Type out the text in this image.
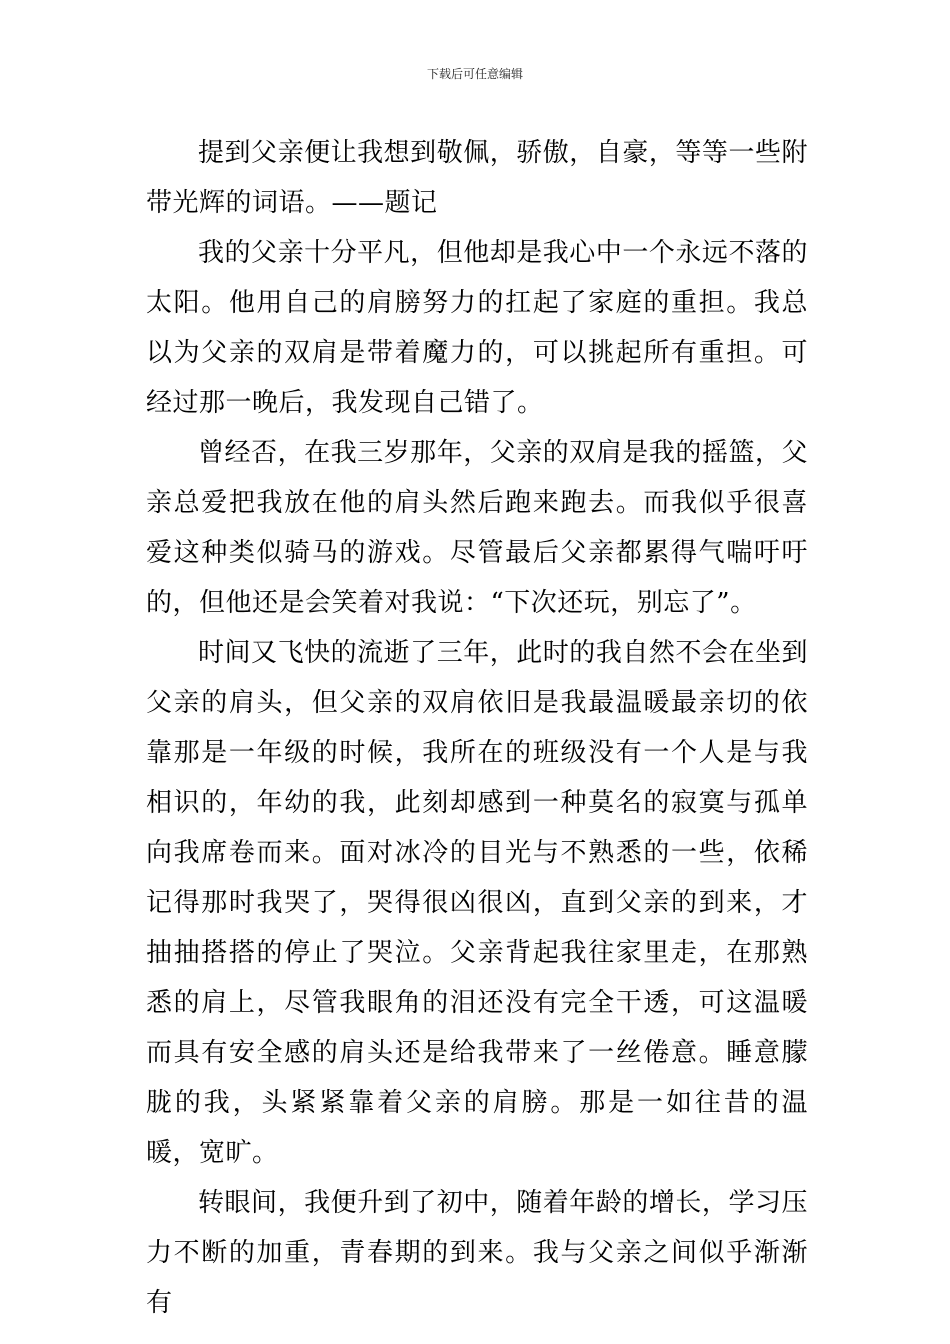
下载后可任意编辑

提到父亲便让我想到敬佩，骄傲，自豪，等等一些附带光辉的词语。——题记

我的父亲十分平凡，但他却是我心中一个永远不落的太阳。他用自己的肩膀努力的扛起了家庭的重担。我总以为父亲的双肩是带着魔力的，可以挑起所有重担。可经过那一晚后，我发现自己错了。

曾经否，在我三岁那年，父亲的双肩是我的摇篮，父亲总爱把我放在他的肩头然后跑来跑去。而我似乎很喜爱这种类似骑马的游戏。尽管最后父亲都累得气喘吁吁的，但他还是会笑着对我说：“下次还玩，别忘了”。

时间又飞快的流逝了三年，此时的我自然不会在坐到父亲的肩头，但父亲的双肩依旧是我最温暖最亲切的依靠那是一年级的时候，我所在的班级没有一个人是与我相识的，年幼的我，此刻却感到一种莫名的寂寞与孤单向我席卷而来。面对冰冷的目光与不熟悉的一些，依稀记得那时我哭了，哭得很凶很凶，直到父亲的到来，才抽抽搭搭的停止了哭泣。父亲背起我往家里走，在那熟悉的肩上，尽管我眼角的泪还没有完全干透，可这温暖而具有安全感的肩头还是给我带来了一丝倦意。睡意朦胧的我，头紧紧靠着父亲的肩膀。那是一如往昔的温暖，宽旷。

转眼间，我便升到了初中，随着年龄的增长，学习压力不断的加重，青春期的到来。我与父亲之间似乎渐渐有
